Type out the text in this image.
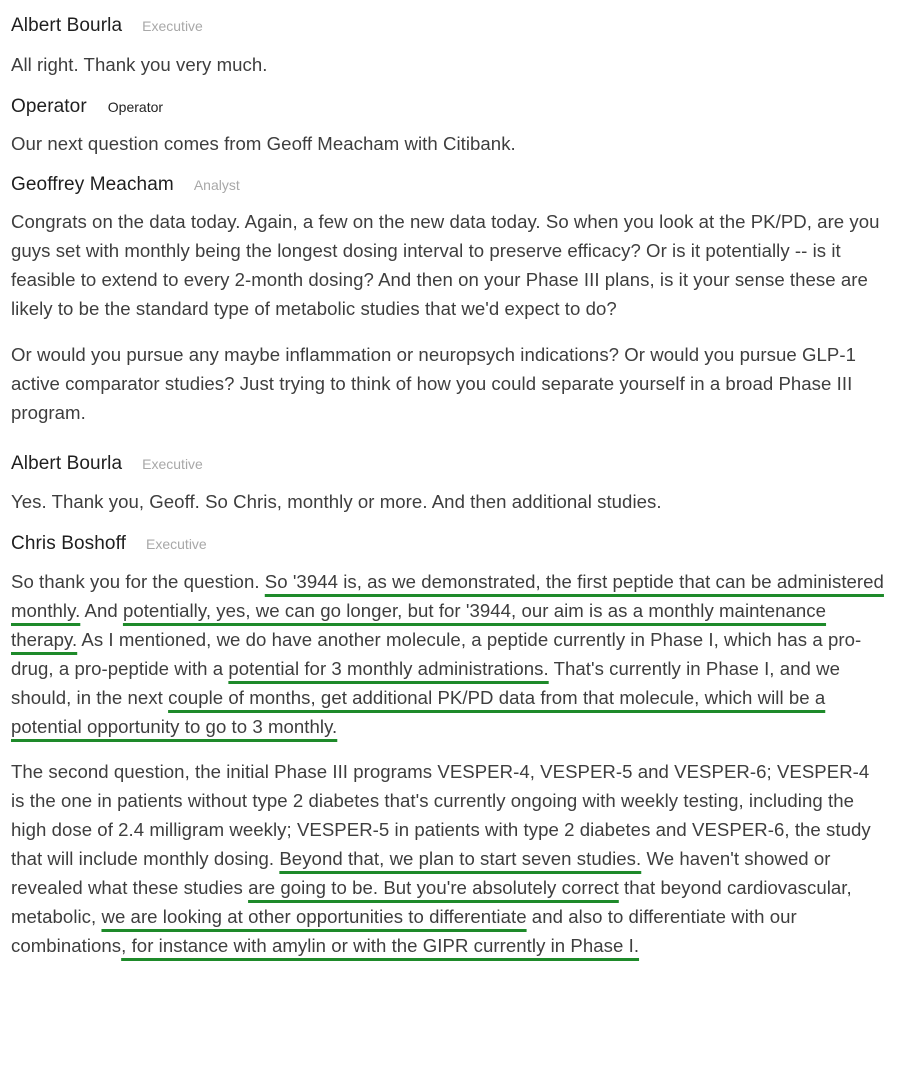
Albert Bourla Executive

All right. Thank you very much.

Operator Operator

Our next question comes from Geoff Meacham with Citibank.

Geoffrey Meacham Analyst

Congrats on the data today. Again, a few on the new data today. So when you look at the PK/PD, are you guys set with monthly being the longest dosing interval to preserve efficacy? Or is it potentially -- is it feasible to extend to every 2-month dosing? And then on your Phase III plans, is it your sense these are likely to be the standard type of metabolic studies that we'd expect to do?

Or would you pursue any maybe inflammation or neuropsych indications? Or would you pursue GLP-1 active comparator studies? Just trying to think of how you could separate yourself in a broad Phase III program.

Albert Bourla Executive

Yes. Thank you, Geoff. So Chris, monthly or more. And then additional studies.

Chris Boshoff Executive

So thank you for the question. So '3944 is, as we demonstrated, the first peptide that can be administered monthly. And potentially, yes, we can go longer, but for '3944, our aim is as a monthly maintenance therapy. As I mentioned, we do have another molecule, a peptide currently in Phase I, which has a pro-drug, a pro-peptide with a potential for 3 monthly administrations. That's currently in Phase I, and we should, in the next couple of months, get additional PK/PD data from that molecule, which will be a potential opportunity to go to 3 monthly.

The second question, the initial Phase III programs VESPER-4, VESPER-5 and VESPER-6; VESPER-4 is the one in patients without type 2 diabetes that's currently ongoing with weekly testing, including the high dose of 2.4 milligram weekly; VESPER-5 in patients with type 2 diabetes and VESPER-6, the study that will include monthly dosing. Beyond that, we plan to start seven studies. We haven't showed or revealed what these studies are going to be. But you're absolutely correct that beyond cardiovascular, metabolic, we are looking at other opportunities to differentiate and also to differentiate with our combinations, for instance with amylin or with the GIPR currently in Phase I.
